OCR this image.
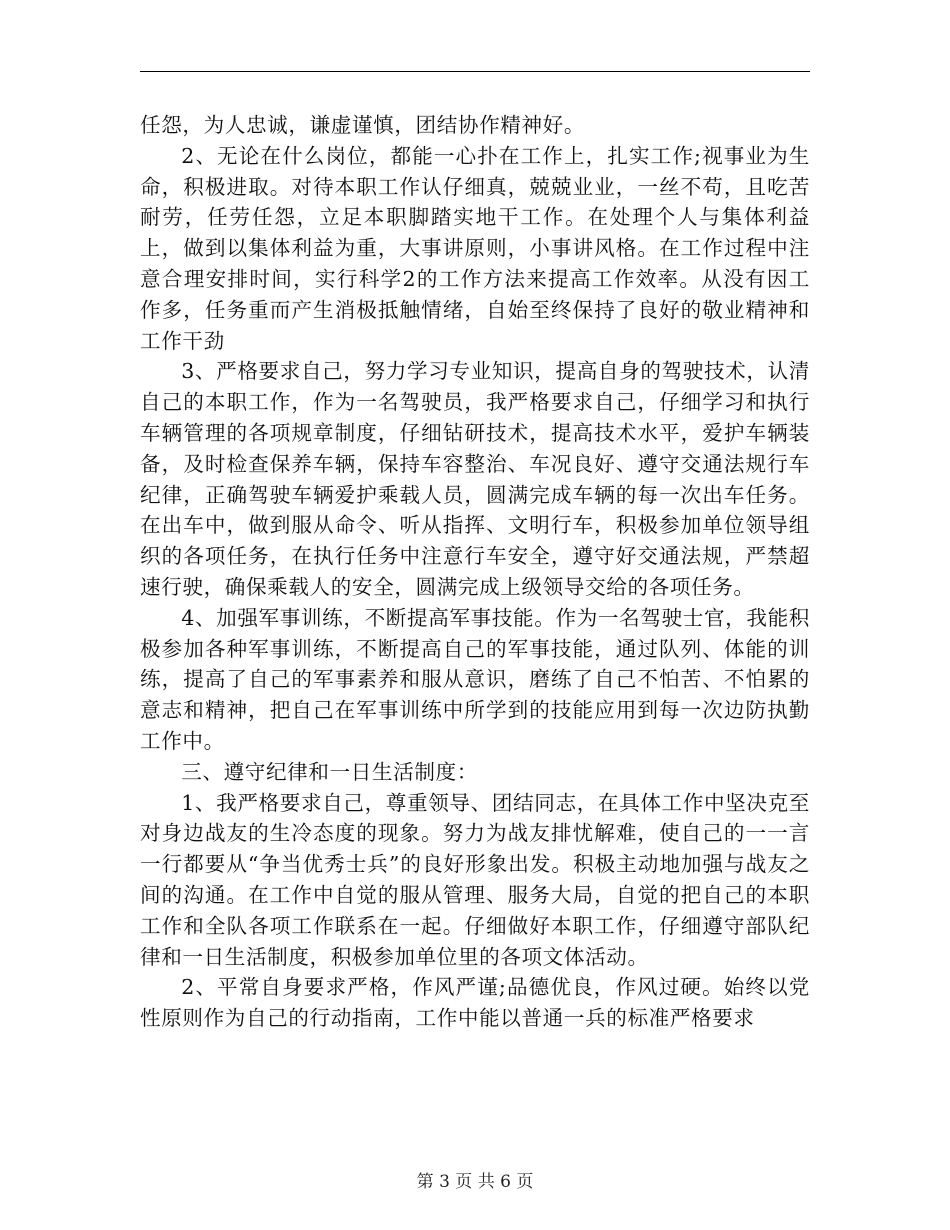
任怨，为人忠诚，谦虚谨慎，团结协作精神好。

2、无论在什么岗位，都能一心扑在工作上，扎实工作;视事业为生命，积极进取。对待本职工作认仔细真，兢兢业业，一丝不苟，且吃苦耐劳，任劳任怨，立足本职脚踏实地干工作。在处理个人与集体利益上，做到以集体利益为重，大事讲原则，小事讲风格。在工作过程中注意合理安排时间，实行科学2的工作方法来提高工作效率。从没有因工作多，任务重而产生消极抵触情绪，自始至终保持了良好的敬业精神和工作干劲

3、严格要求自己，努力学习专业知识，提高自身的驾驶技术，认清自己的本职工作，作为一名驾驶员，我严格要求自己，仔细学习和执行车辆管理的各项规章制度，仔细钻研技术，提高技术水平，爱护车辆装备，及时检查保养车辆，保持车容整治、车况良好、遵守交通法规行车纪律，正确驾驶车辆爱护乘载人员，圆满完成车辆的每一次出车任务。在出车中，做到服从命令、听从指挥、文明行车，积极参加单位领导组织的各项任务，在执行任务中注意行车安全，遵守好交通法规，严禁超速行驶，确保乘载人的安全，圆满完成上级领导交给的各项任务。

4、加强军事训练，不断提高军事技能。作为一名驾驶士官，我能积极参加各种军事训练，不断提高自己的军事技能，通过队列、体能的训练，提高了自己的军事素养和服从意识，磨练了自己不怕苦、不怕累的意志和精神，把自己在军事训练中所学到的技能应用到每一次边防执勤工作中。

三、遵守纪律和一日生活制度：

1、我严格要求自己，尊重领导、团结同志，在具体工作中坚决克至对身边战友的生冷态度的现象。努力为战友排忧解难，使自己的一一言一行都要从“争当优秀士兵”的良好形象出发。积极主动地加强与战友之间的沟通。在工作中自觉的服从管理、服务大局，自觉的把自己的本职工作和全队各项工作联系在一起。仔细做好本职工作，仔细遵守部队纪律和一日生活制度，积极参加单位里的各项文体活动。

2、平常自身要求严格，作风严谨;品德优良，作风过硬。始终以党性原则作为自己的行动指南，工作中能以普通一兵的标准严格要求

第 3 页 共 6 页
